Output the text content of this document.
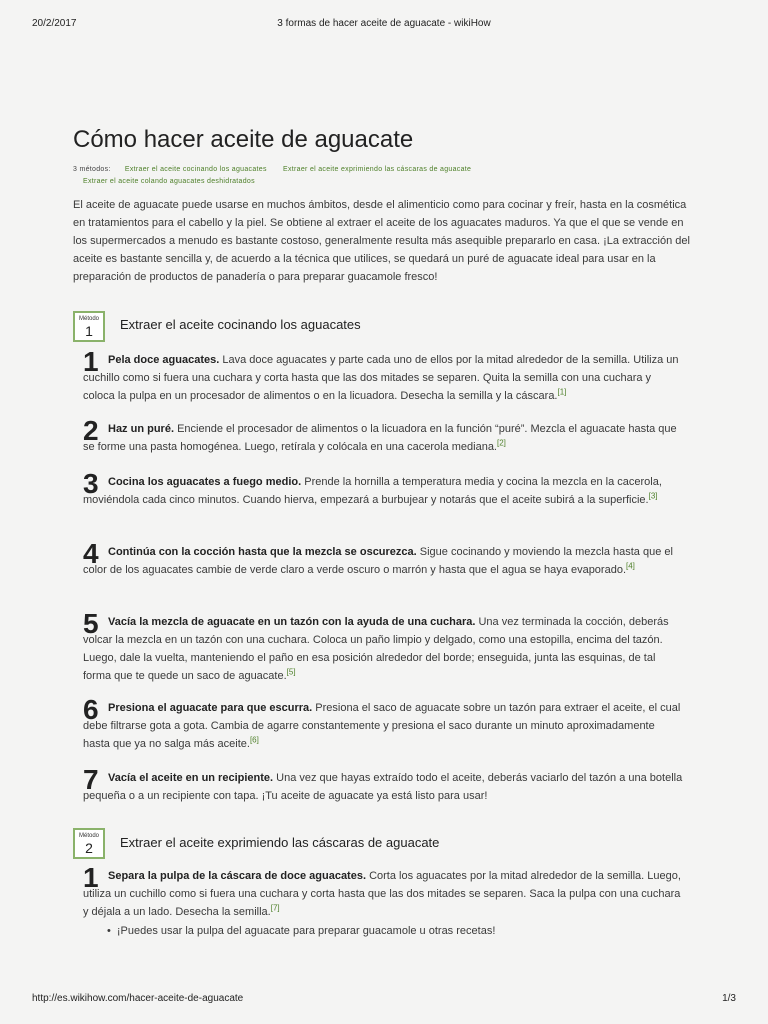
20/2/2017	3 formas de hacer aceite de aguacate - wikiHow
Cómo hacer aceite de aguacate
3 métodos: Extraer el aceite cocinando los aguacates Extraer el aceite exprimiendo las cáscaras de aguacate
Extraer el aceite colando aguacates deshidratados

El aceite de aguacate puede usarse en muchos ámbitos, desde el alimenticio como para cocinar y freír, hasta en la cosmética en tratamientos para el cabello y la piel. Se obtiene al extraer el aceite de los aguacates maduros. Ya que el que se vende en los supermercados a menudo es bastante costoso, generalmente resulta más asequible prepararlo en casa. ¡La extracción del aceite es bastante sencilla y, de acuerdo a la técnica que utilices, se quedará un puré de aguacate ideal para usar en la preparación de productos de panadería o para preparar guacamole fresco!

Método
1	Extraer el aceite cocinando los aguacates
1 Pela doce aguacates. Lava doce aguacates y parte cada uno de ellos por la mitad alrededor de la semilla. Utiliza un cuchillo como si fuera una cuchara y corta hasta que las dos mitades se separen. Quita la semilla con una cuchara y coloca la pulpa en un procesador de alimentos o en la licuadora. Desecha la semilla y la cáscara.[1]

2 Haz un puré. Enciende el procesador de alimentos o la licuadora en la función “puré”. Mezcla el aguacate hasta que se forme una pasta homogénea. Luego, retírala y colócala en una cacerola mediana.[2]

3 Cocina los aguacates a fuego medio. Prende la hornilla a temperatura media y cocina la mezcla en la cacerola, moviéndola cada cinco minutos. Cuando hierva, empezará a burbujear y notarás que el aceite subirá a la superficie.[3]

4 Continúa con la cocción hasta que la mezcla se oscurezca. Sigue cocinando y moviendo la mezcla hasta que el color de los aguacates cambie de verde claro a verde oscuro o marrón y hasta que el agua se haya evaporado.[4]

5 Vacía la mezcla de aguacate en un tazón con la ayuda de una cuchara. Una vez terminada la cocción, deberás volcar la mezcla en un tazón con una cuchara. Coloca un paño limpio y delgado, como una estopilla, encima del tazón. Luego, dale la vuelta, manteniendo el paño en esa posición alrededor del borde; enseguida, junta las esquinas, de tal forma que te quede un saco de aguacate.[5]

6 Presiona el aguacate para que escurra. Presiona el saco de aguacate sobre un tazón para extraer el aceite, el cual debe filtrarse gota a gota. Cambia de agarre constantemente y presiona el saco durante un minuto aproximadamente hasta que ya no salga más aceite.[6]

7 Vacía el aceite en un recipiente. Una vez que hayas extraído todo el aceite, deberás vaciarlo del tazón a una botella pequeña o a un recipiente con tapa. ¡Tu aceite de aguacate ya está listo para usar!

Método
2	Extraer el aceite exprimiendo las cáscaras de aguacate
1 Separa la pulpa de la cáscara de doce aguacates. Corta los aguacates por la mitad alrededor de la semilla. Luego, utiliza un cuchillo como si fuera una cuchara y corta hasta que las dos mitades se separen. Saca la pulpa con una cuchara y déjala a un lado. Desecha la semilla.[7]

• ¡Puedes usar la pulpa del aguacate para preparar guacamole u otras recetas!
http://es.wikihow.com/hacer-aceite-de-aguacate	1/3
